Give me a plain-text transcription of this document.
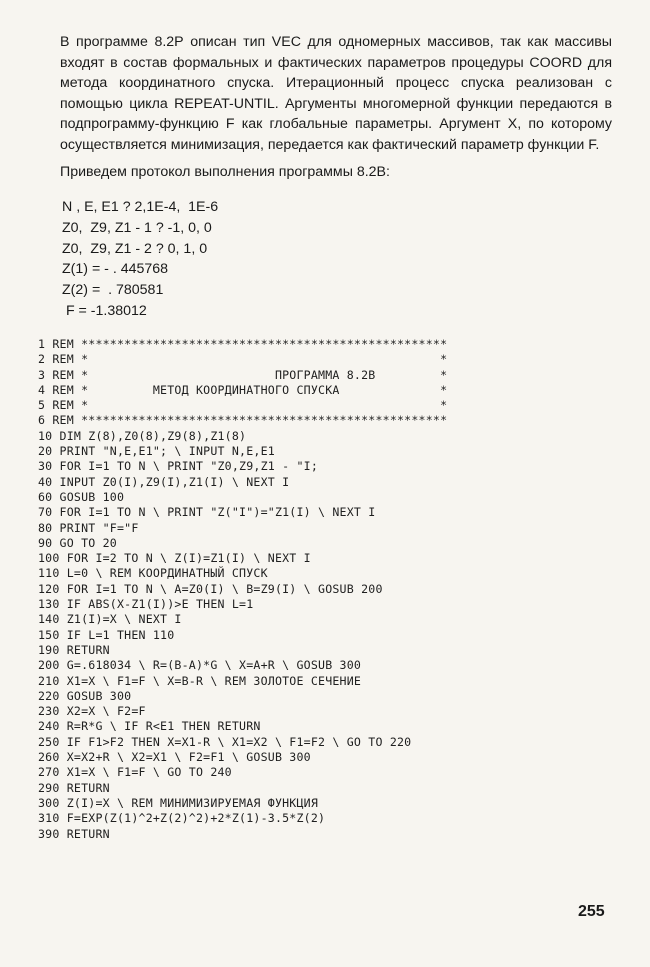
В программе 8.2Р описан тип VEC для одномерных массивов, так как массивы входят в состав формальных и фактических параметров процедуры COORD для метода координатного спуска. Итерационный процесс спуска реализован с помощью цикла REPEAT-UNTIL. Аргументы многомерной функции передаются в подпрограмму-функцию F как глобальные параметры. Аргумент X, по которому осуществляется минимизация, передается как фактический параметр функции F.

Приведем протокол выполнения программы 8.2В:

N , E, E1 ? 2,1E-4,  1E-6
Z0,  Z9, Z1 - 1 ? -1, 0, 0
Z0,  Z9, Z1 - 2 ? 0, 1, 0
Z(1) = - . 445768
Z(2) =  . 780581
F = -1.38012
1 REM ***************************************************
2 REM *                                                 *
3 REM *                          ПРОГРАММА 8.2В         *
4 REM *         МЕТОД КООРДИНАТНОГО СПУСКА              *
5 REM *                                                 *
6 REM ***************************************************
10 DIM Z(8),Z0(8),Z9(8),Z1(8)
20 PRINT "N,E,E1"; \ INPUT N,E,E1
30 FOR I=1 TO N \ PRINT "Z0,Z9,Z1 - "I;
40 INPUT Z0(I),Z9(I),Z1(I) \ NEXT I
60 GOSUB 100
70 FOR I=1 TO N \ PRINT "Z("I")="Z1(I) \ NEXT I
80 PRINT "F="F
90 GO TO 20
100 FOR I=2 TO N \ Z(I)=Z1(I) \ NEXT I
110 L=0 \ REM КООРДИНАТНЫЙ СПУСК
120 FOR I=1 TO N \ A=Z0(I) \ B=Z9(I) \ GOSUB 200
130 IF ABS(X-Z1(I))>E THEN L=1
140 Z1(I)=X \ NEXT I
150 IF L=1 THEN 110
190 RETURN
200 G=.618034 \ R=(B-A)*G \ X=A+R \ GOSUB 300
210 X1=X \ F1=F \ X=B-R \ REM ЗОЛОТОЕ СЕЧЕНИЕ
220 GOSUB 300
230 X2=X \ F2=F
240 R=R*G \ IF R<E1 THEN RETURN
250 IF F1>F2 THEN X=X1-R \ X1=X2 \ F1=F2 \ GO TO 220
260 X=X2+R \ X2=X1 \ F2=F1 \ GOSUB 300
270 X1=X \ F1=F \ GO TO 240
290 RETURN
300 Z(I)=X \ REM МИНИМИЗИРУЕМАЯ ФУНКЦИЯ
310 F=EXP(Z(1)^2+Z(2)^2)+2*Z(1)-3.5*Z(2)
390 RETURN
255
